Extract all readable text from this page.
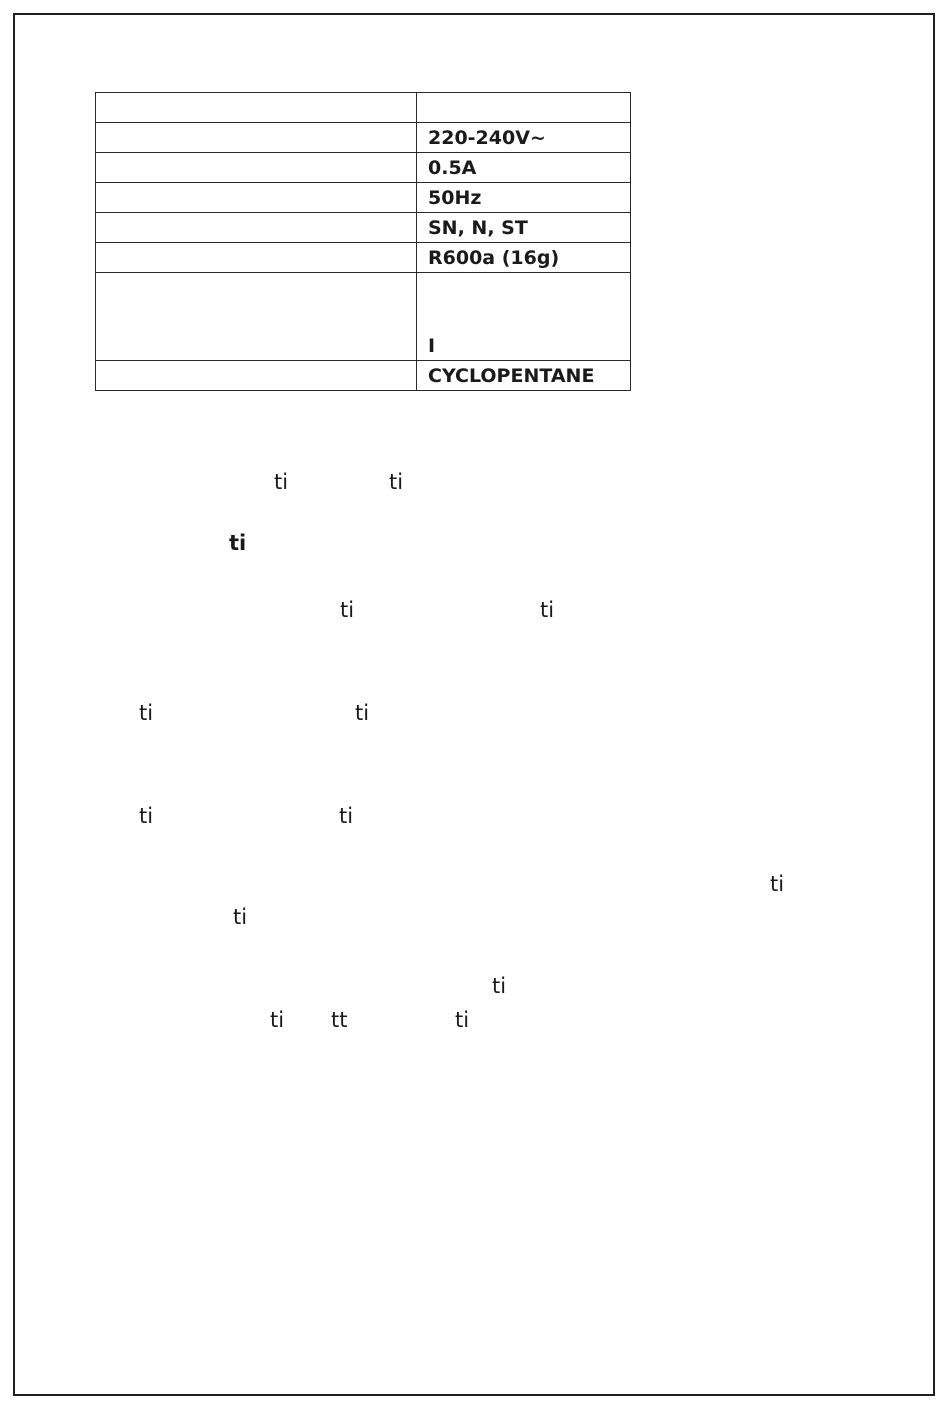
	220-240V~
	0.5A
	50Hz
	SN, N, ST
	R600a (16g)
	I
	CYCLOPENTANE
ti	ti
ti
ti	ti
ti	ti
ti	ti
ti
ti
ti
ti tt	ti
